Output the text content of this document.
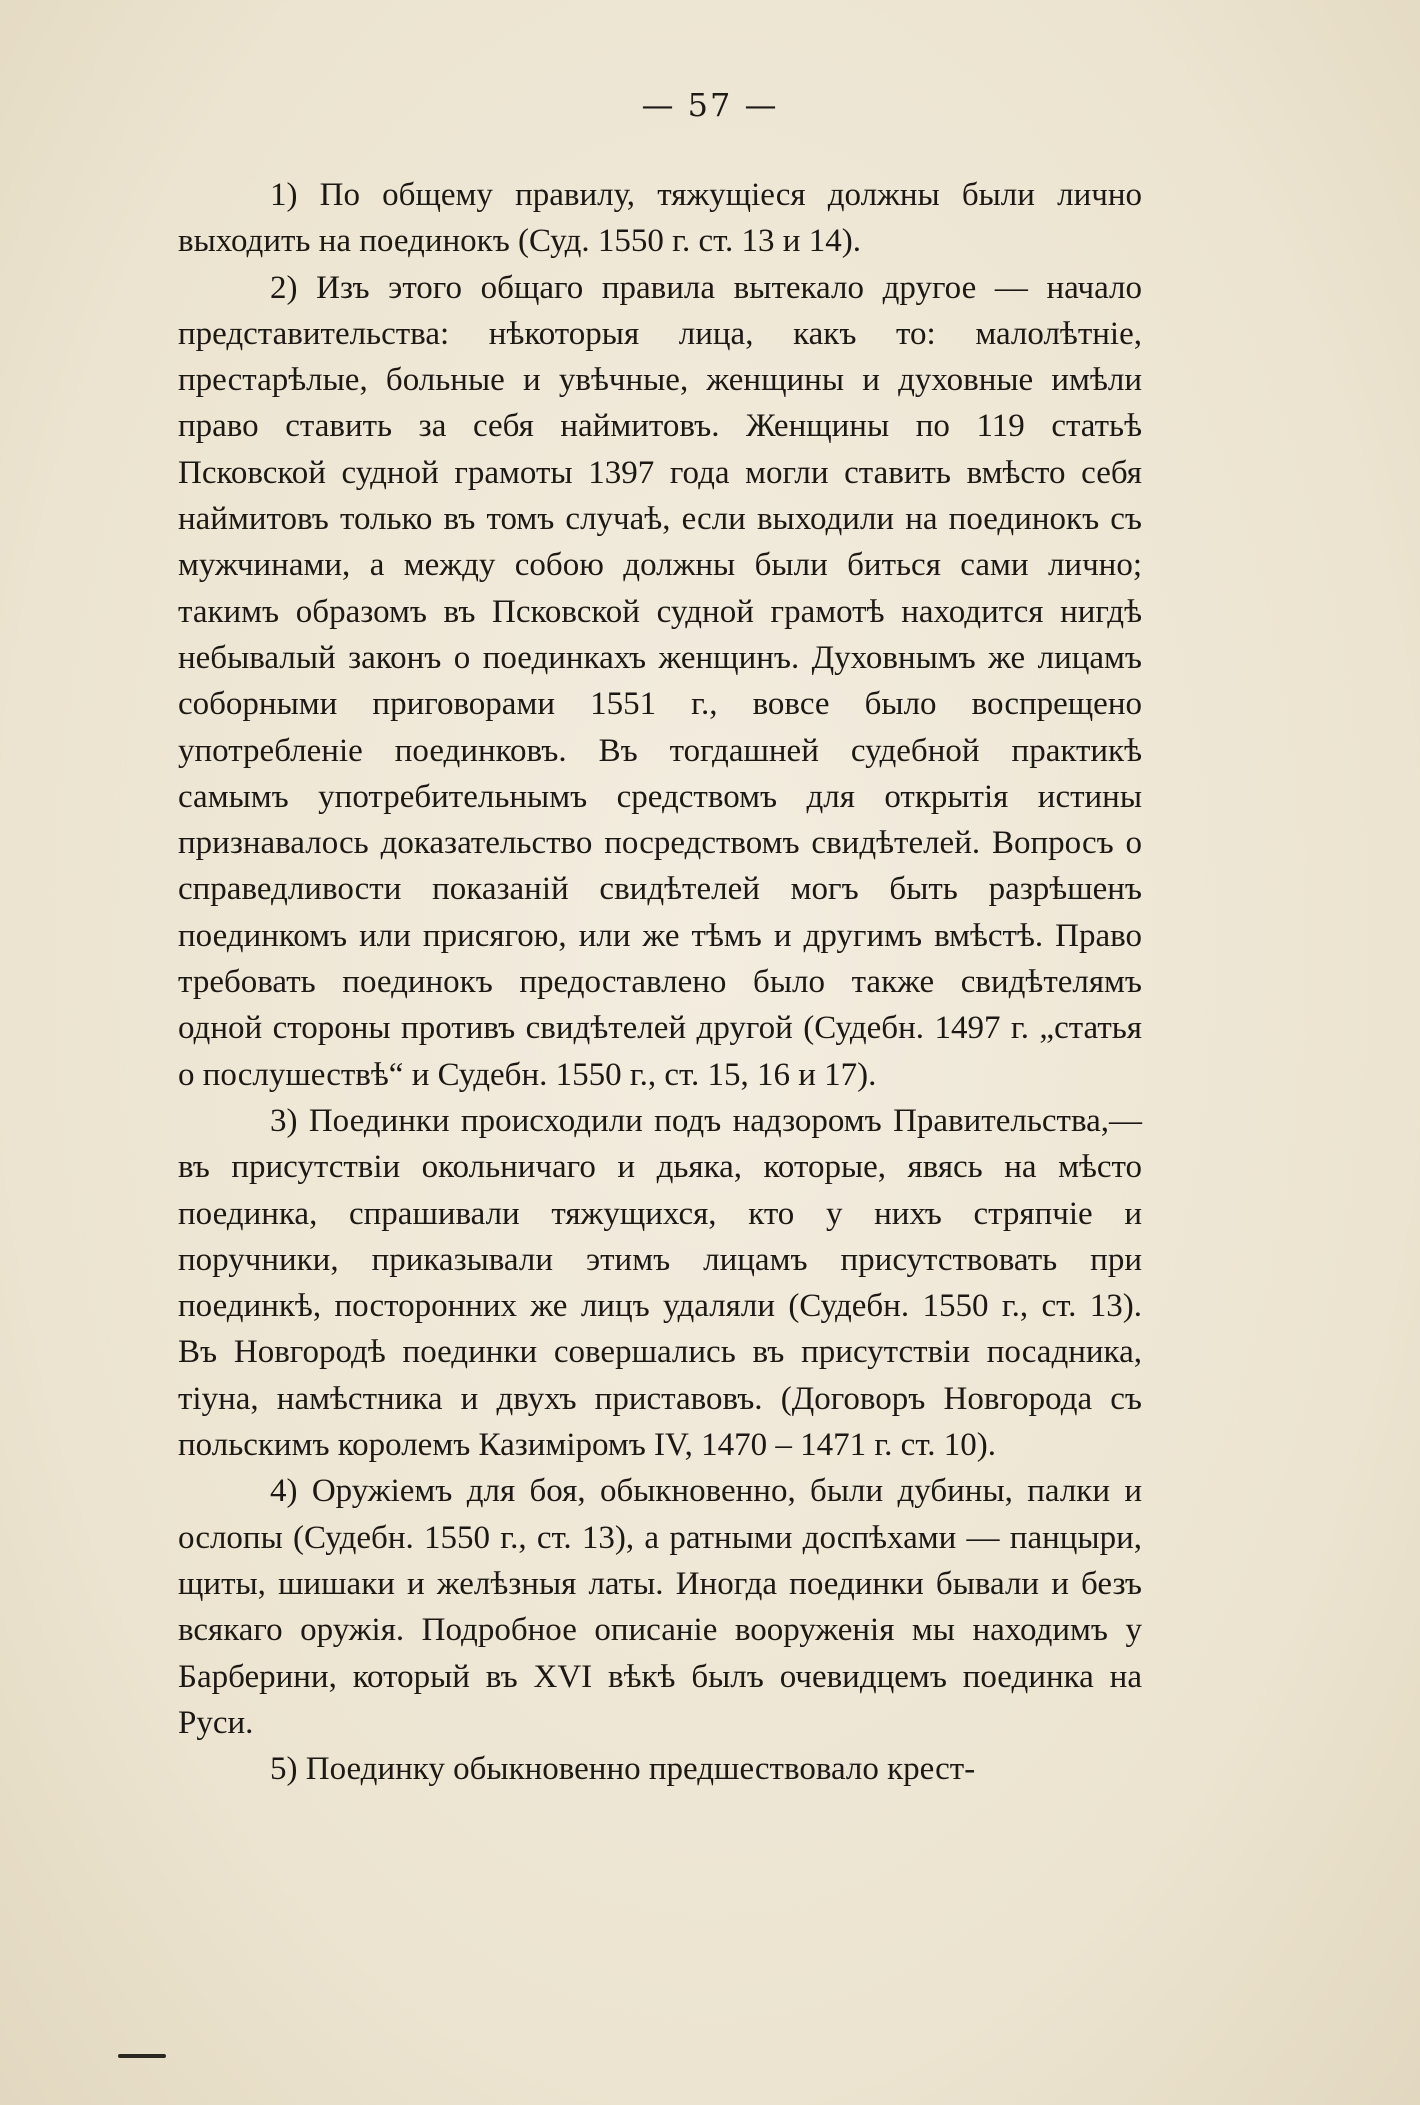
— 57 —

1) По общему правилу, тяжущіеся должны были лично выходить на поединокъ (Суд. 1550 г. ст. 13 и 14).

2) Изъ этого общаго правила вытекало другое — начало представительства: нѣкоторыя лица, какъ то: малолѣтніе, престарѣлые, больные и увѣчные, женщины и духовные имѣли право ставить за себя наймитовъ. Женщины по 119 статьѣ Псковской судной грамоты 1397 года могли ставить вмѣсто себя наймитовъ только въ томъ случаѣ, если выходили на поединокъ съ мужчинами, а между собою должны были биться сами лично; такимъ образомъ въ Псковской судной грамотѣ находится нигдѣ небывалый законъ о поединкахъ женщинъ. Духовнымъ же лицамъ соборными приговорами 1551 г., вовсе было воспрещено употребленіе поединковъ. Въ тогдашней судебной практикѣ самымъ употребительнымъ средствомъ для открытія истины признавалось доказательство посредствомъ свидѣтелей. Вопросъ о справедливости показаній свидѣтелей могъ быть разрѣшенъ поединкомъ или присягою, или же тѣмъ и другимъ вмѣстѣ. Право требовать поединокъ предоставлено было также свидѣтелямъ одной стороны противъ свидѣтелей другой (Судебн. 1497 г. „статья о послушествѣ“ и Судебн. 1550 г., ст. 15, 16 и 17).

3) Поединки происходили подъ надзоромъ Правительства,—въ присутствіи окольничаго и дьяка, которые, явясь на мѣсто поединка, спрашивали тяжущихся, кто у нихъ стряпчіе и поручники, приказывали этимъ лицамъ присутствовать при поединкѣ, посторонних же лицъ удаляли (Судебн. 1550 г., ст. 13). Въ Новгородѣ поединки совершались въ присутствіи посадника, тіуна, намѣстника и двухъ приставовъ. (Договоръ Новгорода съ польскимъ королемъ Казиміромъ IV, 1470 – 1471 г. ст. 10).

4) Оружіемъ для боя, обыкновенно, были дубины, палки и ослопы (Судебн. 1550 г., ст. 13), а ратными доспѣхами — панцыри, щиты, шишаки и желѣзныя латы. Иногда поединки бывали и безъ всякаго оружія. Подробное описаніе вооруженія мы находимъ у Барберини, который въ XVI вѣкѣ былъ очевидцемъ поединка на Руси.

5) Поединку обыкновенно предшествовало крест-
